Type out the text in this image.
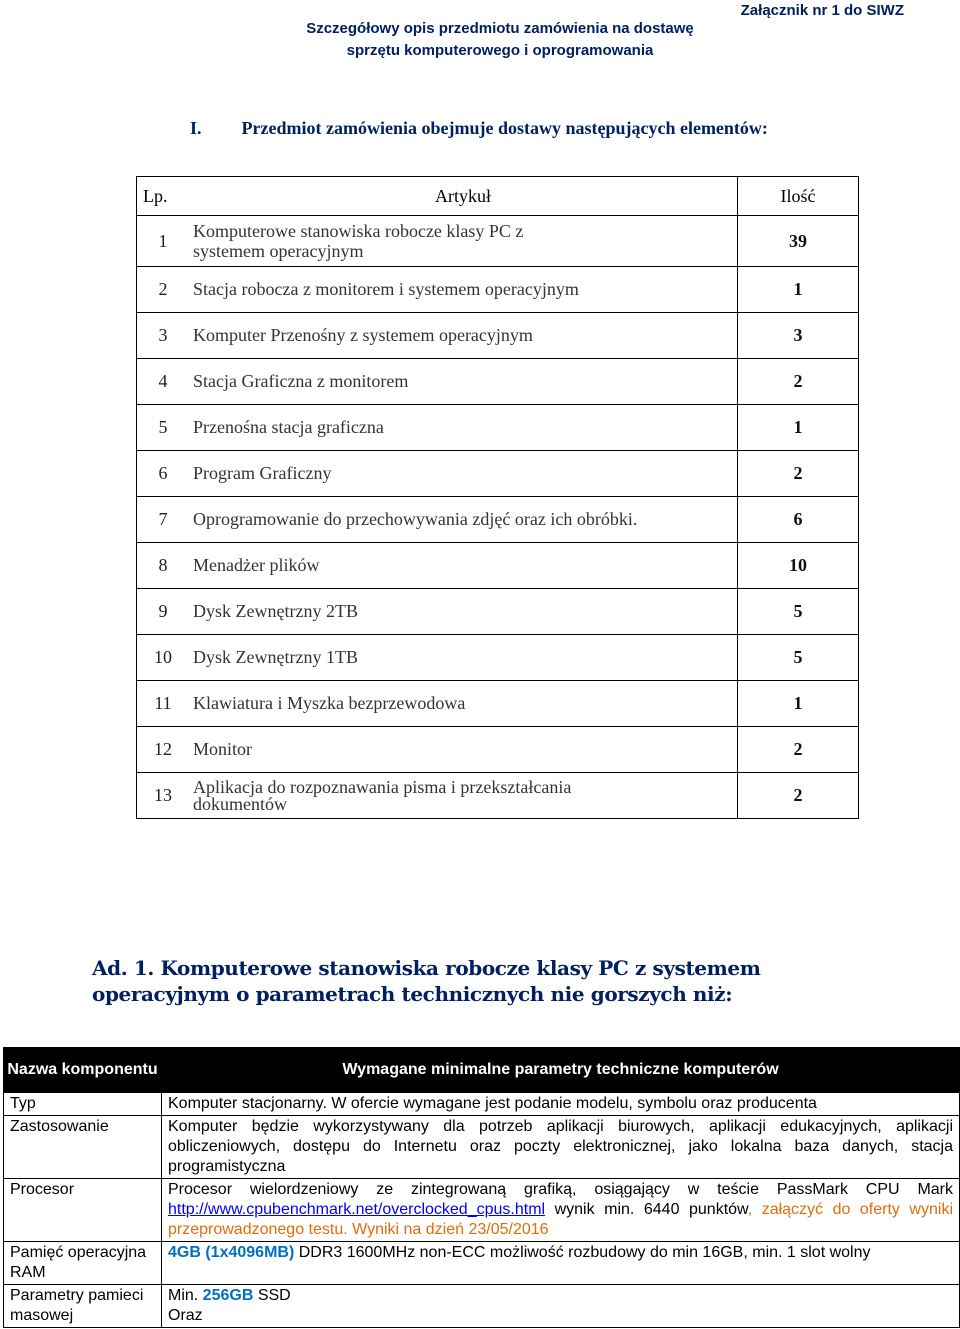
Szczegółowy opis przedmiotu zamówienia na dostawę
sprzętu komputerowego i oprogramowania
Załącznik nr 1 do SIWZ
I. Przedmiot zamówienia obejmuje dostawy następujących elementów:
Lp.	Artykuł	Ilość
1	Komputerowe stanowiska robocze klasy PC z systemem operacyjnym	39
2	Stacja robocza z monitorem i systemem operacyjnym	1
3	Komputer Przenośny z systemem operacyjnym	3
4	Stacja Graficzna z monitorem	2
5	Przenośna stacja graficzna	1
6	Program Graficzny	2
7	Oprogramowanie do przechowywania zdjęć oraz ich obróbki.	6
8	Menadżer plików	10
9	Dysk Zewnętrzny 2TB	5
10	Dysk Zewnętrzny 1TB	5
11	Klawiatura i Myszka bezprzewodowa	1
12	Monitor	2
13	Aplikacja do rozpoznawania pisma i przekształcania dokumentów	2
Ad. 1. Komputerowe stanowiska robocze klasy PC z systemem operacyjnym o parametrach technicznych nie gorszych niż:
Nazwa komponentu	Wymagane minimalne parametry techniczne komputerów
Typ	Komputer stacjonarny. W ofercie wymagane jest podanie modelu, symbolu oraz producenta
Zastosowanie	Komputer będzie wykorzystywany dla potrzeb aplikacji biurowych, aplikacji edukacyjnych, aplikacji obliczeniowych, dostępu do Internetu oraz poczty elektronicznej, jako lokalna baza danych, stacja programistyczna
Procesor	Procesor wielordzeniowy ze zintegrowaną grafiką, osiągający w teście PassMark CPU Mark http://www.cpubenchmark.net/overclocked_cpus.html wynik min. 6440 punktów, załączyć do oferty wyniki przeprowadzonego testu. Wyniki na dzień 23/05/2016
Pamięć operacyjna RAM	4GB (1x4096MB) DDR3 1600MHz non-ECC możliwość rozbudowy do min 16GB, min. 1 slot wolny
Parametry pamieci masowej	Min. 256GB SSD
Oraz
